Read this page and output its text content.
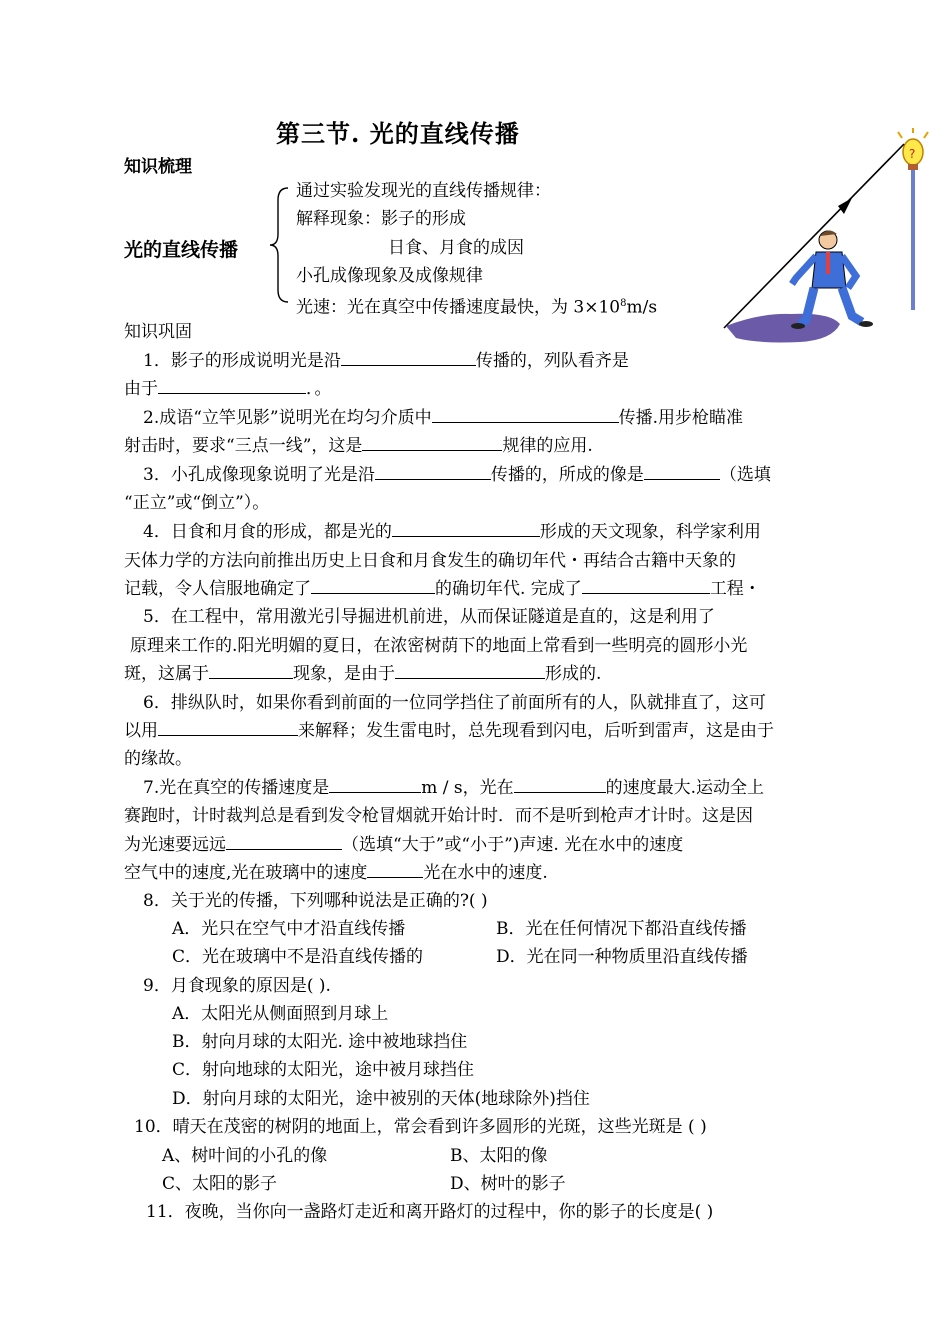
第三节. 光的直线传播
知识梳理
光的直线传播
通过实验发现光的直线传播规律：
解释现象：影子的形成
日食、月食的成因
小孔成像现象及成像规律
光速：光在真空中传播速度最快，为 $3\times 10^8m/s$
?
知识巩固
1．影子的形成说明光是沿	传播的，列队看齐是
由于	．。
2.成语“立竿见影”说明光在均匀介质中	传播.用步枪瞄准
射击时，要求“三点一线”，这是	规律的应用.
3．小孔成像现象说明了光是沿	传播的，所成的像是	（选填
“正立”或“倒立”）。
4．日食和月食的形成，都是光的	形成的天文现象，科学家利用
天体力学的方法向前推出历史上日食和月食发生的确切年代・再结合古籍中天象的
记载，令人信服地确定了	的确切年代. 完成了	工程・
5．在工程中，常用激光引导掘进机前进，从而保证隧道是直的，这是利用了
原理来工作的.阳光明媚的夏日，在浓密树荫下的地面上常看到一些明亮的圆形小光
斑，这属于	现象，是由于	形成的.
6．排纵队时，如果你看到前面的一位同学挡住了前面所有的人，队就排直了，这可
以用	来解释；发生雷电时，总先现看到闪电，后听到雷声，这是由于
的缘故。
7.光在真空的传播速度是	m / s，光在	的速度最大.运动全上
赛跑时，计时裁判总是看到发令枪冒烟就开始计时．而不是听到枪声才计时。这是因
为光速要远远	（选填“大于”或“小于”)声速. 光在水中的速度
空气中的速度,光在玻璃中的速度	光在水中的速度.
8．关于光的传播，下列哪种说法是正确的?( )
A．光只在空气中才沿直线传播	B．光在任何情况下都沿直线传播
C．光在玻璃中不是沿直线传播的	D．光在同一种物质里沿直线传播
9．月食现象的原因是( ).
A．太阳光从侧面照到月球上
B．射向月球的太阳光. 途中被地球挡住
C．射向地球的太阳光，途中被月球挡住
D．射向月球的太阳光，途中被别的天体(地球除外)挡住
10．晴天在茂密的树阴的地面上，常会看到许多圆形的光斑，这些光斑是 ( )
A、树叶间的小孔的像	B、太阳的像
C、太阳的影子	D、树叶的影子
11．夜晚，当你向一盏路灯走近和离开路灯的过程中，你的影子的长度是( )
